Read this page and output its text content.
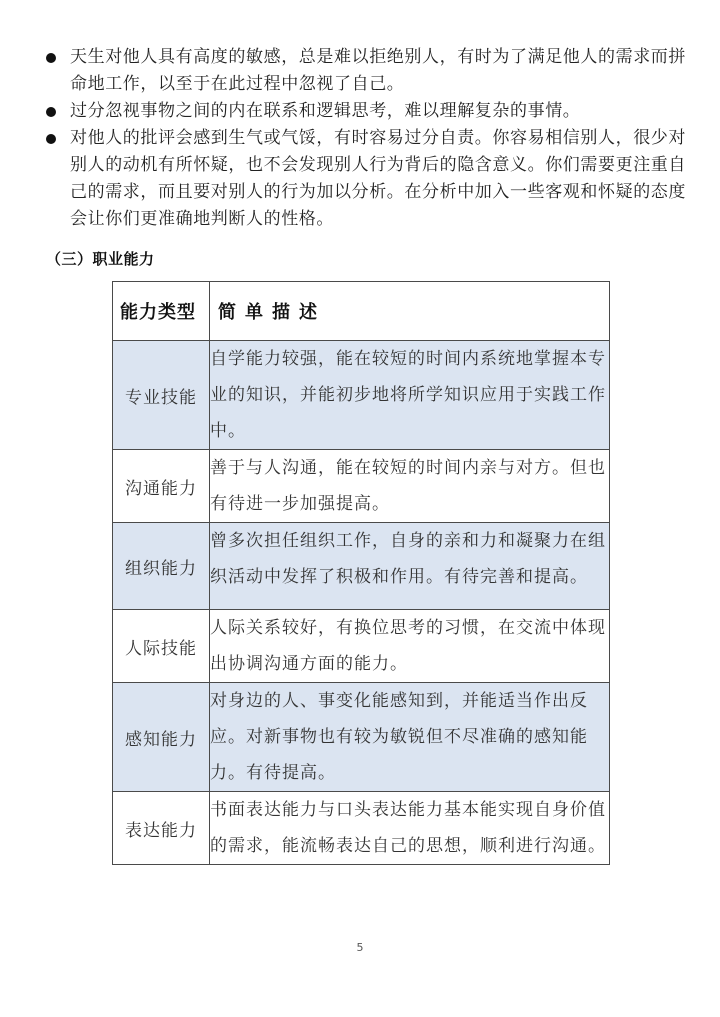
天生对他人具有高度的敏感，总是难以拒绝别人，有时为了满足他人的需求而拼命地工作，以至于在此过程中忽视了自己。
过分忽视事物之间的内在联系和逻辑思考，难以理解复杂的事情。
对他人的批评会感到生气或气馁，有时容易过分自责。你容易相信别人，很少对别人的动机有所怀疑，也不会发现别人行为背后的隐含意义。你们需要更注重自己的需求，而且要对别人的行为加以分析。在分析中加入一些客观和怀疑的态度会让你们更准确地判断人的性格。
（三）职业能力
能力类型	简单描述
专业技能	自学能力较强，能在较短的时间内系统地掌握本专业的知识，并能初步地将所学知识应用于实践工作中。
沟通能力	善于与人沟通，能在较短的时间内亲与对方。但也有待进一步加强提高。
组织能力	曾多次担任组织工作，自身的亲和力和凝聚力在组织活动中发挥了积极和作用。有待完善和提高。

人际技能	人际关系较好，有换位思考的习惯，在交流中体现出协调沟通方面的能力。
感知能力	对身边的人、事变化能感知到，并能适当作出反应。对新事物也有较为敏锐但不尽准确的感知能力。有待提高。
表达能力	书面表达能力与口头表达能力基本能实现自身价值的需求，能流畅表达自己的思想，顺利进行沟通。
5
